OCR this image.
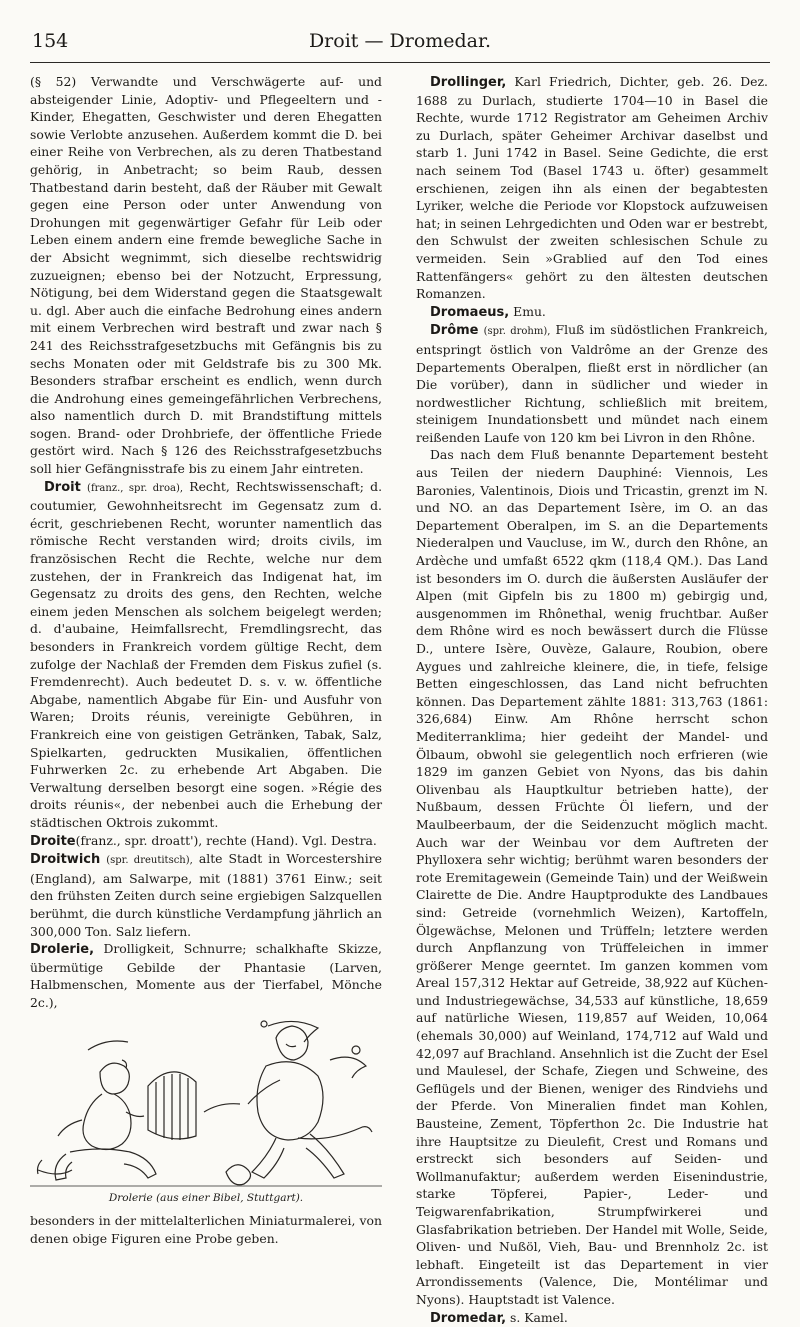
154	Droit — Dromedar.

(§ 52) Verwandte und Verschwägerte auf- und absteigender Linie, Adoptiv- und Pflegeeltern und -Kinder, Ehegatten, Geschwister und deren Ehegatten sowie Verlobte anzusehen. Außerdem kommt die D. bei einer Reihe von Verbrechen, als zu deren Thatbestand gehörig, in Anbetracht; so beim Raub, dessen Thatbestand darin besteht, daß der Räuber mit Gewalt gegen eine Person oder unter Anwendung von Drohungen mit gegenwärtiger Gefahr für Leib oder Leben einem andern eine fremde bewegliche Sache in der Absicht wegnimmt, sich dieselbe rechtswidrig zuzueignen; ebenso bei der Notzucht, Erpressung, Nötigung, bei dem Widerstand gegen die Staatsgewalt u. dgl. Aber auch die einfache Bedrohung eines andern mit einem Verbrechen wird bestraft und zwar nach § 241 des Reichsstrafgesetzbuchs mit Gefängnis bis zu sechs Monaten oder mit Geldstrafe bis zu 300 Mk. Besonders strafbar erscheint es endlich, wenn durch die Androhung eines gemeingefährlichen Verbrechens, also namentlich durch D. mit Brandstiftung mittels sogen. Brand- oder Drohbriefe, der öffentliche Friede gestört wird. Nach § 126 des Reichsstrafgesetzbuchs soll hier Gefängnisstrafe bis zu einem Jahr eintreten.

Droit (franz., spr. droa), Recht, Rechtswissenschaft; d. coutumier, Gewohnheitsrecht im Gegensatz zum d. écrit, geschriebenen Recht, worunter namentlich das römische Recht verstanden wird; droits civils, im französischen Recht die Rechte, welche nur dem zustehen, der in Frankreich das Indigenat hat, im Gegensatz zu droits des gens, den Rechten, welche einem jeden Menschen als solchem beigelegt werden; d. d'aubaine, Heimfallsrecht, Fremdlingsrecht, das besonders in Frankreich vordem gültige Recht, dem zufolge der Nachlaß der Fremden dem Fiskus zufiel (s. Fremdenrecht). Auch bedeutet D. s. v. w. öffentliche Abgabe, namentlich Abgabe für Ein- und Ausfuhr von Waren; Droits réunis, vereinigte Gebühren, in Frankreich eine von geistigen Getränken, Tabak, Salz, Spielkarten, gedruckten Musikalien, öffentlichen Fuhrwerken 2c. zu erhebende Art Abgaben. Die Verwaltung derselben besorgt eine sogen. »Régie des droits réunis«, der nebenbei auch die Erhebung der städtischen Oktrois zukommt.

Droite(franz., spr. droatt'), rechte (Hand). Vgl. Destra.

Droitwich (spr. dreutitsch), alte Stadt in Worcestershire (England), am Salwarpe, mit (1881) 3761 Einw.; seit den frühsten Zeiten durch seine ergiebigen Salzquellen berühmt, die durch künstliche Verdampfung jährlich an 300,000 Ton. Salz liefern.

Drolerie, Drolligkeit, Schnurre; schalkhafte Skizze, übermütige Gebilde der Phantasie (Larven, Halbmenschen, Momente aus der Tierfabel, Mönche 2c.),

Drolerie (aus einer Bibel, Stuttgart).
besonders in der mittelalterlichen Miniaturmalerei, von denen obige Figuren eine Probe geben.

Drollinger, Karl Friedrich, Dichter, geb. 26. Dez. 1688 zu Durlach, studierte 1704—10 in Basel die Rechte, wurde 1712 Registrator am Geheimen Archiv zu Durlach, später Geheimer Archivar daselbst und starb 1. Juni 1742 in Basel. Seine Gedichte, die erst nach seinem Tod (Basel 1743 u. öfter) gesammelt erschienen, zeigen ihn als einen der begabtesten Lyriker, welche die Periode vor Klopstock aufzuweisen hat; in seinen Lehrgedichten und Oden war er bestrebt, den Schwulst der zweiten schlesischen Schule zu vermeiden. Sein »Grablied auf den Tod eines Rattenfängers« gehört zu den ältesten deutschen Romanzen.

Dromaeus, Emu.

Drôme (spr. drohm), Fluß im südöstlichen Frankreich, entspringt östlich von Valdrôme an der Grenze des Departements Oberalpen, fließt erst in nördlicher (an Die vorüber), dann in südlicher und wieder in nordwestlicher Richtung, schließlich mit breitem, steinigem Inundationsbett und mündet nach einem reißenden Laufe von 120 km bei Livron in den Rhône.

Das nach dem Fluß benannte Departement besteht aus Teilen der niedern Dauphiné: Viennois, Les Baronies, Valentinois, Diois und Tricastin, grenzt im N. und NO. an das Departement Isère, im O. an das Departement Oberalpen, im S. an die Departements Niederalpen und Vaucluse, im W., durch den Rhône, an Ardèche und umfaßt 6522 qkm (118,4 QM.). Das Land ist besonders im O. durch die äußersten Ausläufer der Alpen (mit Gipfeln bis zu 1800 m) gebirgig und, ausgenommen im Rhônethal, wenig fruchtbar. Außer dem Rhône wird es noch bewässert durch die Flüsse D., untere Isère, Ouvèze, Galaure, Roubion, obere Aygues und zahlreiche kleinere, die, in tiefe, felsige Betten eingeschlossen, das Land nicht befruchten können. Das Departement zählte 1881: 313,763 (1861: 326,684) Einw. Am Rhône herrscht schon Mediterranklima; hier gedeiht der Mandel- und Ölbaum, obwohl sie gelegentlich noch erfrieren (wie 1829 im ganzen Gebiet von Nyons, das bis dahin Olivenbau als Hauptkultur betrieben hatte), der Nußbaum, dessen Früchte Öl liefern, und der Maulbeerbaum, der die Seidenzucht möglich macht. Auch war der Weinbau vor dem Auftreten der Phylloxera sehr wichtig; berühmt waren besonders der rote Eremitagewein (Gemeinde Tain) und der Weißwein Clairette de Die. Andre Hauptprodukte des Landbaues sind: Getreide (vornehmlich Weizen), Kartoffeln, Ölgewächse, Melonen und Trüffeln; letztere werden durch Anpflanzung von Trüffeleichen in immer größerer Menge geerntet. Im ganzen kommen vom Areal 157,312 Hektar auf Getreide, 38,922 auf Küchen- und Industriegewächse, 34,533 auf künstliche, 18,659 auf natürliche Wiesen, 119,857 auf Weiden, 10,064 (ehemals 30,000) auf Weinland, 174,712 auf Wald und 42,097 auf Brachland. Ansehnlich ist die Zucht der Esel und Maulesel, der Schafe, Ziegen und Schweine, des Geflügels und der Bienen, weniger des Rindviehs und der Pferde. Von Mineralien findet man Kohlen, Bausteine, Zement, Töpferthon 2c. Die Industrie hat ihre Hauptsitze zu Dieulefit, Crest und Romans und erstreckt sich besonders auf Seiden- und Wollmanufaktur; außerdem werden Eisenindustrie, starke Töpferei, Papier-, Leder- und Teigwarenfabrikation, Strumpfwirkerei und Glasfabrikation betrieben. Der Handel mit Wolle, Seide, Oliven- und Nußöl, Vieh, Bau- und Brennholz 2c. ist lebhaft. Eingeteilt ist das Departement in vier Arrondissements (Valence, Die, Montélimar und Nyons). Hauptstadt ist Valence.

Dromedar, s. Kamel.
